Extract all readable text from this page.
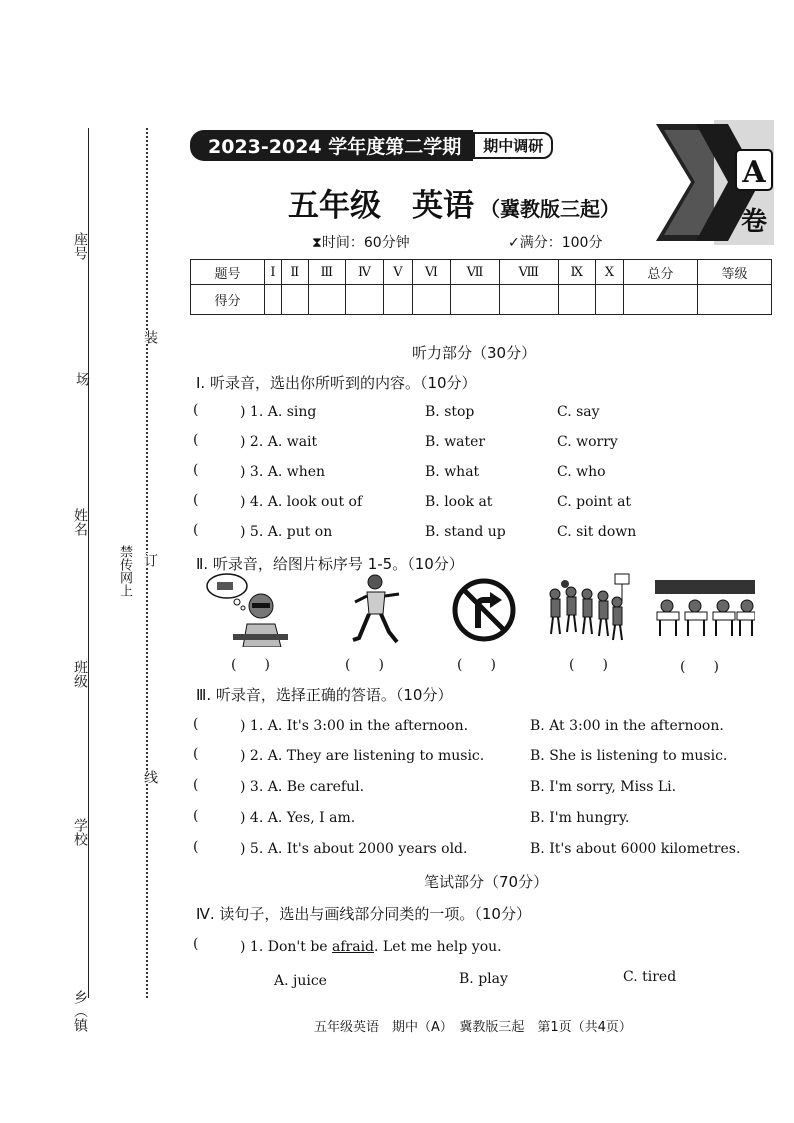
座号
场
姓名
班级
学校
乡（镇
装
订
线
禁传网上
2023-2024 学年度第二学期	期中调研
A
卷
五年级　英语 （冀教版三起）
⧗时间：60分钟	✓满分：100分
题号	Ⅰ	Ⅱ	Ⅲ	Ⅳ	Ⅴ	Ⅵ	Ⅶ	Ⅷ	Ⅸ	Ⅹ	总分	等级
得分												
听力部分（30分）
Ⅰ. 听录音，选出你所听到的内容。（10分）
(	) 1. A. sing	B. stop	C. say
(	) 2. A. wait	B. water	C. worry
(	) 3. A. when	B. what	C. who
(	) 4. A. look out of	B. look at	C. point at
(	) 5. A. put on	B. stand up	C. sit down
Ⅱ. 听录音，给图片标序号 1-5。（10分）
(　　)	(　　)	(　　)	(　　)	(　　)
Ⅲ. 听录音，选择正确的答语。（10分）
(	) 1. A. It's 3:00 in the afternoon.	B. At 3:00 in the afternoon.
(	) 2. A. They are listening to music.	B. She is listening to music.
(	) 3. A. Be careful.	B. I'm sorry, Miss Li.
(	) 4. A. Yes, I am.	B. I'm hungry.
(	) 5. A. It's about 2000 years old.	B. It's about 6000 kilometres.
笔试部分（70分）
Ⅳ. 读句子，选出与画线部分同类的一项。（10分）
(	) 1. Don't be afraid. Let me help you.
A. juice	B. play	C. tired
五年级英语　期中（A）　冀教版三起　第1页（共4页）
